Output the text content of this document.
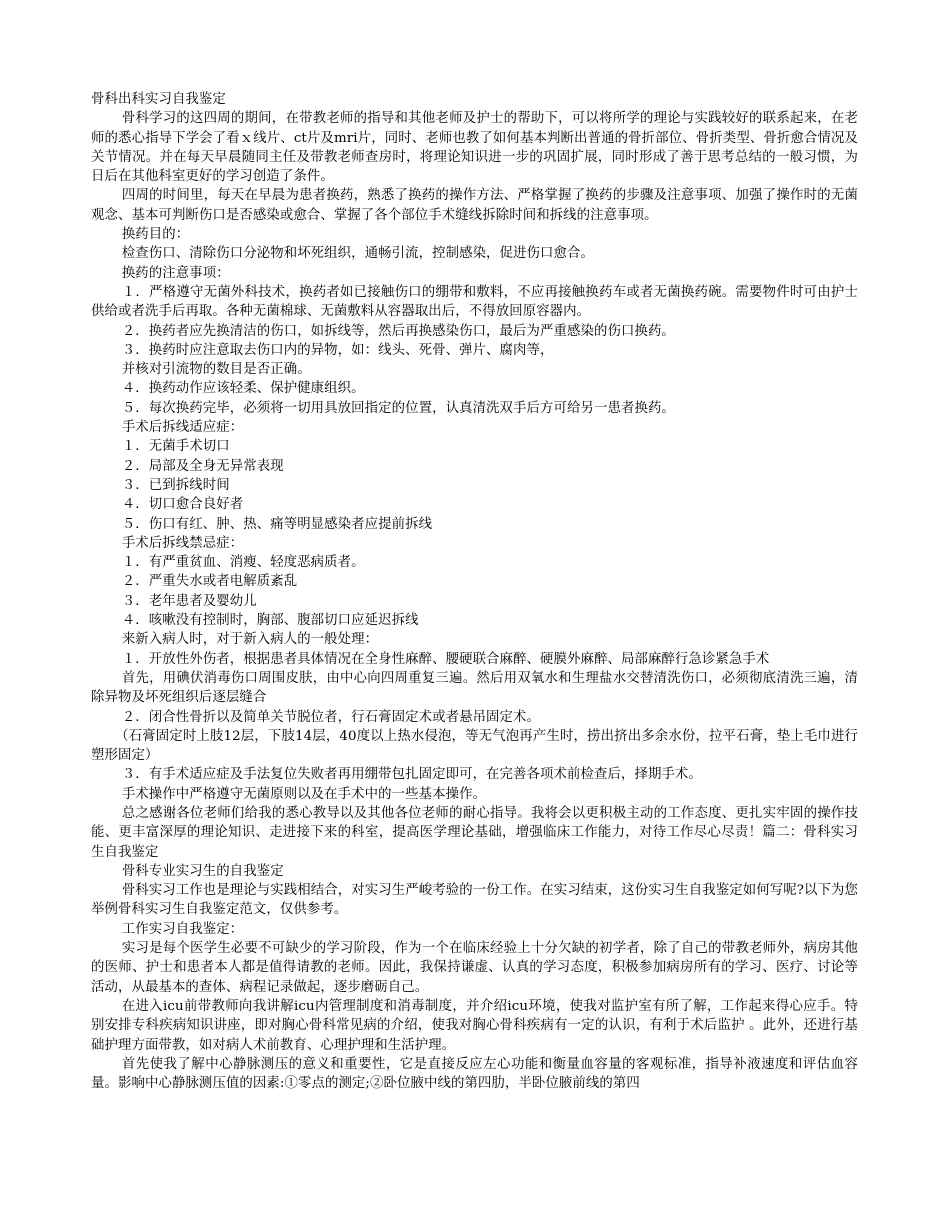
骨科出科实习自我鉴定

骨科学习的这四周的期间，在带教老师的指导和其他老师及护士的帮助下，可以将所学的理论与实践较好的联系起来，在老师的悉心指导下学会了看ｘ线片、ct片及mri片，同时、老师也教了如何基本判断出普通的骨折部位、骨折类型、骨折愈合情况及关节情况。并在每天早晨随同主任及带教老师查房时，将理论知识进一步的巩固扩展，同时形成了善于思考总结的一般习惯，为日后在其他科室更好的学习创造了条件。

四周的时间里，每天在早晨为患者换药，熟悉了换药的操作方法、严格掌握了换药的步骤及注意事项、加强了操作时的无菌观念、基本可判断伤口是否感染或愈合、掌握了各个部位手术缝线拆除时间和拆线的注意事项。

换药目的：

检查伤口、清除伤口分泌物和坏死组织，通畅引流，控制感染，促进伤口愈合。

换药的注意事项：

１．严格遵守无菌外科技术，换药者如已接触伤口的绷带和敷料，不应再接触换药车或者无菌换药碗。需要物件时可由护士供给或者洗手后再取。各种无菌棉球、无菌敷料从容器取出后，不得放回原容器内。

２．换药者应先换清洁的伤口，如拆线等，然后再换感染伤口，最后为严重感染的伤口换药。

３．换药时应注意取去伤口内的异物，如：线头、死骨、弹片、腐肉等，

并核对引流物的数目是否正确。

４．换药动作应该轻柔、保护健康组织。

５．每次换药完毕，必须将一切用具放回指定的位置，认真清洗双手后方可给另一患者换药。

手术后拆线适应症：

１．无菌手术切口

２．局部及全身无异常表现

３．已到拆线时间

４．切口愈合良好者

５．伤口有红、肿、热、痛等明显感染者应提前拆线

手术后拆线禁忌症：

１．有严重贫血、消瘦、轻度恶病质者。

２．严重失水或者电解质紊乱

３．老年患者及婴幼儿

４．咳嗽没有控制时，胸部、腹部切口应延迟拆线

来新入病人时，对于新入病人的一般处理：

１．开放性外伤者，根据患者具体情况在全身性麻醉、腰硬联合麻醉、硬膜外麻醉、局部麻醉行急诊紧急手术

首先，用碘伏消毒伤口周围皮肤，由中心向四周重复三遍。然后用双氧水和生理盐水交替清洗伤口，必须彻底清洗三遍，清除异物及坏死组织后逐层缝合

２．闭合性骨折以及简单关节脱位者，行石膏固定术或者悬吊固定术。

（石膏固定时上肢12层，下肢14层，40度以上热水侵泡，等无气泡再产生时，捞出挤出多余水份，拉平石膏，垫上毛巾进行塑形固定）

３．有手术适应症及手法复位失败者再用绷带包扎固定即可，在完善各项术前检查后，择期手术。

手术操作中严格遵守无菌原则以及在手术中的一些基本操作。

总之感谢各位老师们给我的悉心教导以及其他各位老师的耐心指导。我将会以更积极主动的工作态度、更扎实牢固的操作技能、更丰富深厚的理论知识、走进接下来的科室，提高医学理论基础，增强临床工作能力，对待工作尽心尽责！篇二：骨科实习生自我鉴定

骨科专业实习生的自我鉴定

骨科实习工作也是理论与实践相结合，对实习生严峻考验的一份工作。在实习结束，这份实习生自我鉴定如何写呢?以下为您举例骨科实习生自我鉴定范文，仅供参考。

工作实习自我鉴定：

实习是每个医学生必要不可缺少的学习阶段，作为一个在临床经验上十分欠缺的初学者，除了自己的带教老师外，病房其他的医师、护士和患者本人都是值得请教的老师。因此，我保持谦虚、认真的学习态度，积极参加病房所有的学习、医疗、讨论等活动，从最基本的查体、病程记录做起，逐步磨砺自己。

在进入icu前带教师向我讲解icu内管理制度和消毒制度，并介绍icu环境，使我对监护室有所了解，工作起来得心应手。特别安排专科疾病知识讲座，即对胸心骨科常见病的介绍，使我对胸心骨科疾病有一定的认识，有利于术后监护 。此外，还进行基础护理方面带教，如对病人术前教育、心理护理和生活护理。

首先使我了解中心静脉测压的意义和重要性，它是直接反应左心功能和衡量血容量的客观标准，指导补液速度和评估血容量。影响中心静脉测压值的因素:①零点的测定;②卧位腋中线的第四肋，半卧位腋前线的第四
